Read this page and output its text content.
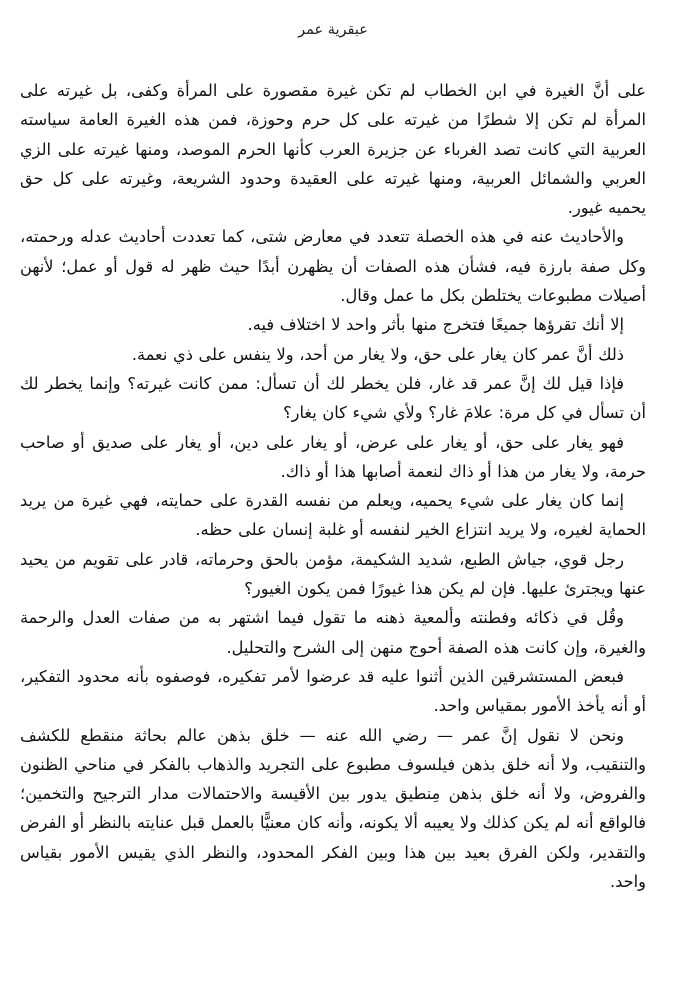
عبقرية عمر

على أنَّ الغيرة في ابن الخطاب لم تكن غيرة مقصورة على المرأة وكفى، بل غيرته على المرأة لم تكن إلا شطرًا من غيرته على كل حرم وحوزة، فمن هذه الغيرة العامة سياسته العربية التي كانت تصد الغرباء عن جزيرة العرب كأنها الحرم الموصد، ومنها غيرته على الزي العربي والشمائل العربية، ومنها غيرته على العقيدة وحدود الشريعة، وغيرته على كل حق يحميه غيور.

والأحاديث عنه في هذه الخصلة تتعدد في معارض شتى، كما تعددت أحاديث عدله ورحمته، وكل صفة بارزة فيه، فشأن هذه الصفات أن يظهرن أبدًا حيث ظهر له قول أو عمل؛ لأنهن أصيلات مطبوعات يختلطن بكل ما عمل وقال.

إلا أنك تقرؤها جميعًا فتخرج منها بأثر واحد لا اختلاف فيه.

ذلك أنَّ عمر كان يغار على حق، ولا يغار من أحد، ولا ينفس على ذي نعمة.

فإذا قيل لك إنَّ عمر قد غار، فلن يخطر لك أن تسأل: ممن كانت غيرته؟ وإنما يخطر لك أن تسأل في كل مرة: علامَ غار؟ ولأي شيء كان يغار؟

فهو يغار على حق، أو يغار على عرض، أو يغار على دين، أو يغار على صديق أو صاحب حرمة، ولا يغار من هذا أو ذاك لنعمة أصابها هذا أو ذاك.

إنما كان يغار على شيء يحميه، ويعلم من نفسه القدرة على حمايته، فهي غيرة من يريد الحماية لغيره، ولا يريد انتزاع الخير لنفسه أو غلبة إنسان على حظه.

رجل قوي، جياش الطبع، شديد الشكيمة، مؤمن بالحق وحرماته، قادر على تقويم من يحيد عنها ويجترئ عليها. فإن لم يكن هذا غيورًا فمن يكون الغيور؟

وقُل في ذكائه وفطنته وألمعية ذهنه ما تقول فيما اشتهر به من صفات العدل والرحمة والغيرة، وإن كانت هذه الصفة أحوج منهن إلى الشرح والتحليل.

فبعض المستشرقين الذين أثنوا عليه قد عرضوا لأمر تفكيره، فوصفوه بأنه محدود التفكير، أو أنه يأخذ الأمور بمقياس واحد.

ونحن لا نقول إنَّ عمر — رضي الله عنه — خلق بذهن عالم بحاثة منقطع للكشف والتنقيب، ولا أنه خلق بذهن فيلسوف مطبوع على التجريد والذهاب بالفكر في مناحي الظنون والفروض، ولا أنه خلق بذهن مِنطيق يدور بين الأقيسة والاحتمالات مدار الترجيح والتخمين؛ فالواقع أنه لم يكن كذلك ولا يعيبه ألا يكونه، وأنه كان معنيًّا بالعمل قبل عنايته بالنظر أو الفرض والتقدير، ولكن الفرق بعيد بين هذا وبين الفكر المحدود، والنظر الذي يقيس الأمور بقياس واحد.
